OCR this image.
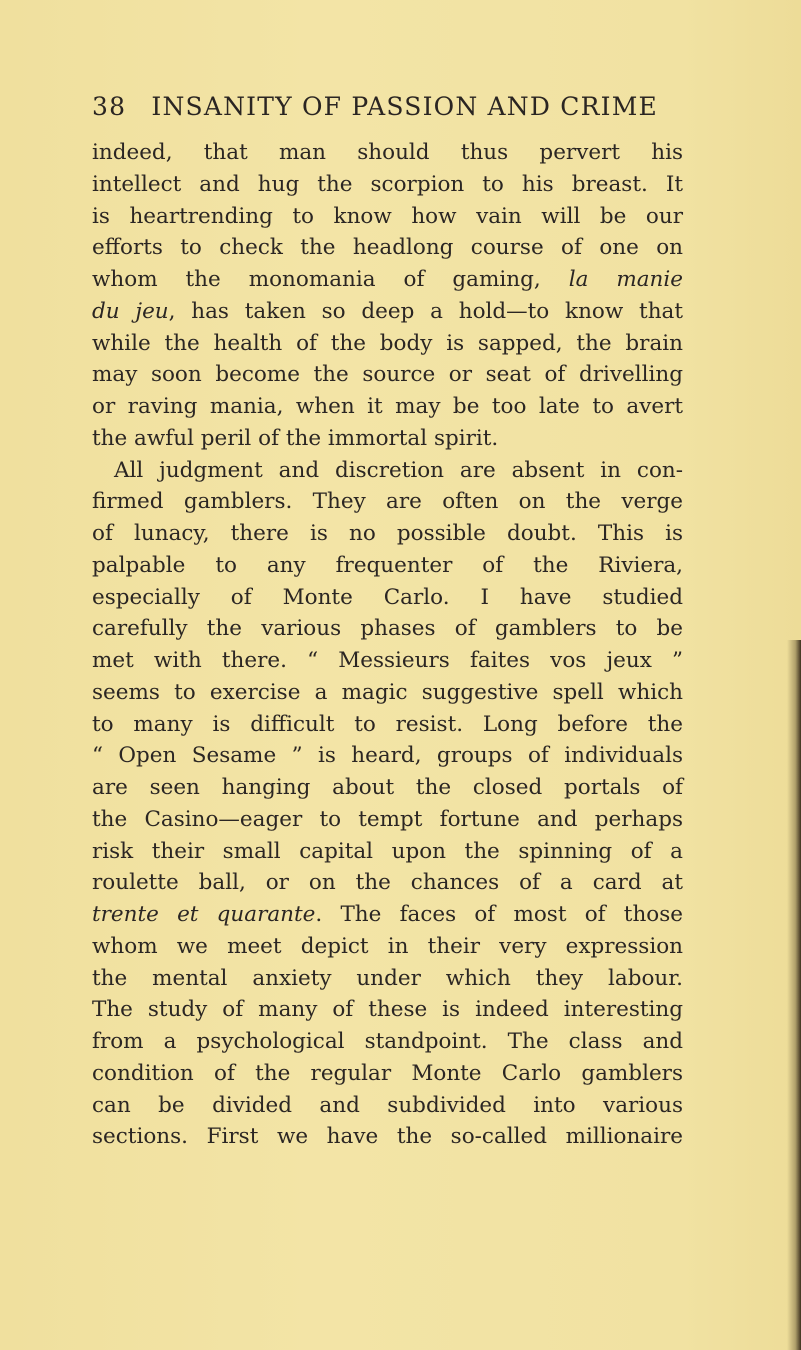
38 INSANITY OF PASSION AND CRIME
indeed, that man should thus pervert his
intellect and hug the scorpion to his breast. It
is heartrending to know how vain will be our
efforts to check the headlong course of one on
whom the monomania of gaming, la manie
du jeu, has taken so deep a hold—to know that
while the health of the body is sapped, the brain
may soon become the source or seat of drivelling
or raving mania, when it may be too late to avert
the awful peril of the immortal spirit.
All judgment and discretion are absent in con-
firmed gamblers. They are often on the verge
of lunacy, there is no possible doubt. This is
palpable to any frequenter of the Riviera,
especially of Monte Carlo. I have studied
carefully the various phases of gamblers to be
met with there. “ Messieurs faites vos jeux ”
seems to exercise a magic suggestive spell which
to many is difficult to resist. Long before the
“ Open Sesame ” is heard, groups of individuals
are seen hanging about the closed portals of
the Casino—eager to tempt fortune and perhaps
risk their small capital upon the spinning of a
roulette ball, or on the chances of a card at
trente et quarante. The faces of most of those
whom we meet depict in their very expression
the mental anxiety under which they labour.
The study of many of these is indeed interesting
from a psychological standpoint. The class and
condition of the regular Monte Carlo gamblers
can be divided and subdivided into various
sections. First we have the so-called millionaire
